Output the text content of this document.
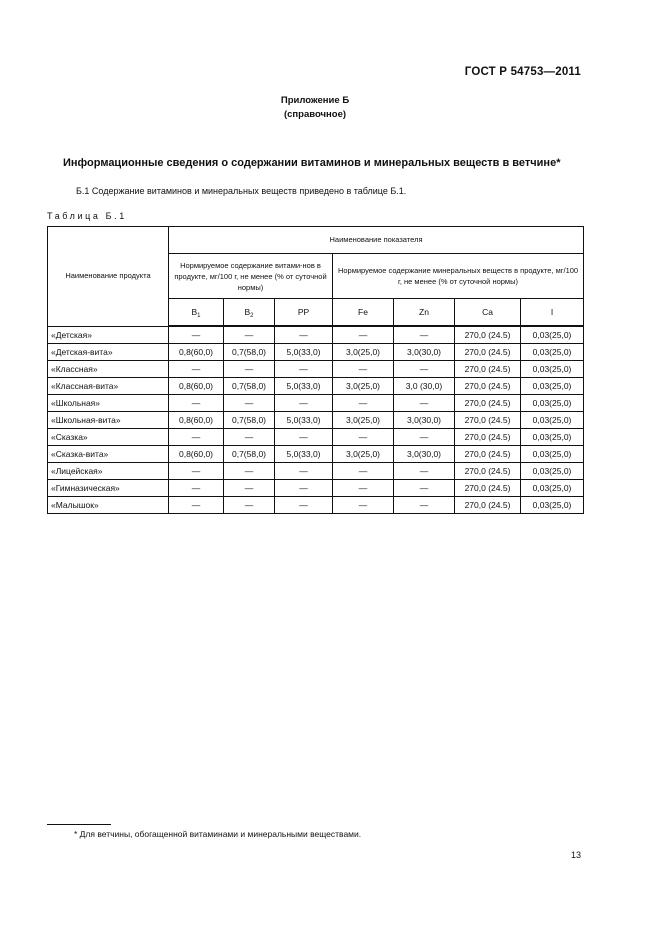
ГОСТ Р 54753—2011
Приложение Б
(справочное)
Информационные сведения о содержании витаминов и минеральных веществ в ветчине*
Б.1 Содержание витаминов и минеральных веществ приведено в таблице Б.1.
Таблица Б.1
Наименование продукта	Наименование показателя						
	Нормируемое содержание витами-нов в продукте, мг/100 г, не менее (% от суточной нормы)			Нормируемое содержание минеральных веществ в продукте, мг/100 г, не менее (% от суточной нормы)			
	$B_1$	$B_2$	PP	Fe	Zn	Ca	I
«Детская»	—	—	—	—	—	270,0 (24.5)	0,03(25,0)
«Детская-вита»	0,8(60,0)	0,7(58,0)	5,0(33,0)	3,0(25,0)	3,0(30,0)	270,0 (24.5)	0,03(25,0)
«Классная»	—	—	—	—	—	270,0 (24.5)	0,03(25,0)
«Классная-вита»	0,8(60,0)	0,7(58,0)	5,0(33,0)	3,0(25,0)	3,0 (30,0)	270,0 (24.5)	0,03(25,0)
«Школьная»	—	—	—	—	—	270,0 (24.5)	0,03(25,0)
«Школьная-вита»	0,8(60,0)	0,7(58,0)	5,0(33,0)	3,0(25,0)	3,0(30,0)	270,0 (24.5)	0,03(25,0)
«Сказка»	—	—	—	—	—	270,0 (24.5)	0,03(25,0)
«Сказка-вита»	0,8(60,0)	0,7(58,0)	5,0(33,0)	3,0(25,0)	3,0(30,0)	270,0 (24.5)	0,03(25,0)
«Лицейская»	—	—	—	—	—	270,0 (24.5)	0,03(25,0)
«Гимназическая»	—	—	—	—	—	270,0 (24.5)	0,03(25,0)
«Малышок»	—	—	—	—	—	270,0 (24.5)	0,03(25,0)
* Для ветчины, обогащенной витаминами и минеральными веществами.
13
